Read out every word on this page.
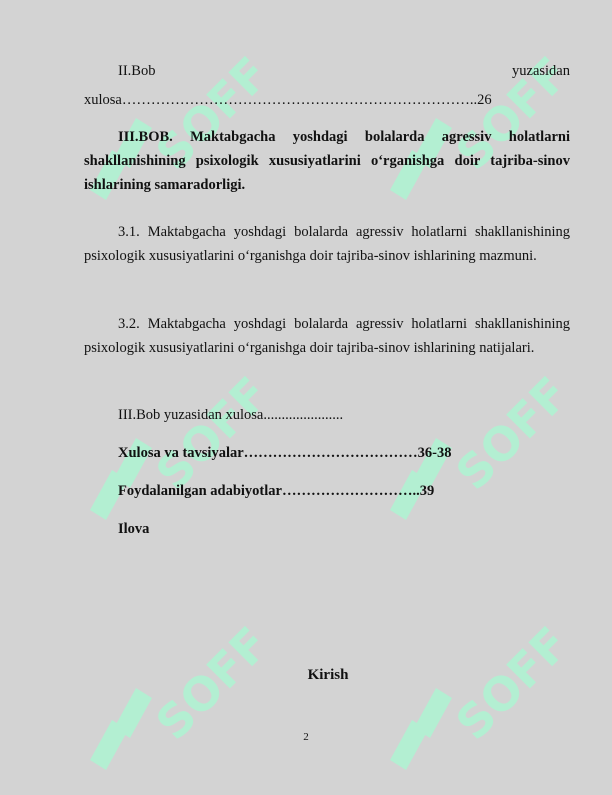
SOFF	SOFF
SOFF	SOFF
SOFF	SOFF
II.Bob	yuzasidan
xulosa………………………………………………………………..26
III.BOB. Maktabgacha yoshdagi bolalarda agressiv holatlarni shakllanishining psixologik xususiyatlarini o‘rganishga doir tajriba-sinov ishlarining samaradorligi.
3.1. Maktabgacha yoshdagi bolalarda agressiv holatlarni shakllanishining psixologik xususiyatlarini o‘rganishga doir tajriba-sinov ishlarining mazmuni.
3.2. Maktabgacha yoshdagi bolalarda agressiv holatlarni shakllanishining psixologik xususiyatlarini o‘rganishga doir tajriba-sinov ishlarining natijalari.
III.Bob yuzasidan xulosa......................
Xulosa va tavsiyalar………………………………36-38
Foydalanilgan adabiyotlar………………………..39
Ilova
Kirish
2
